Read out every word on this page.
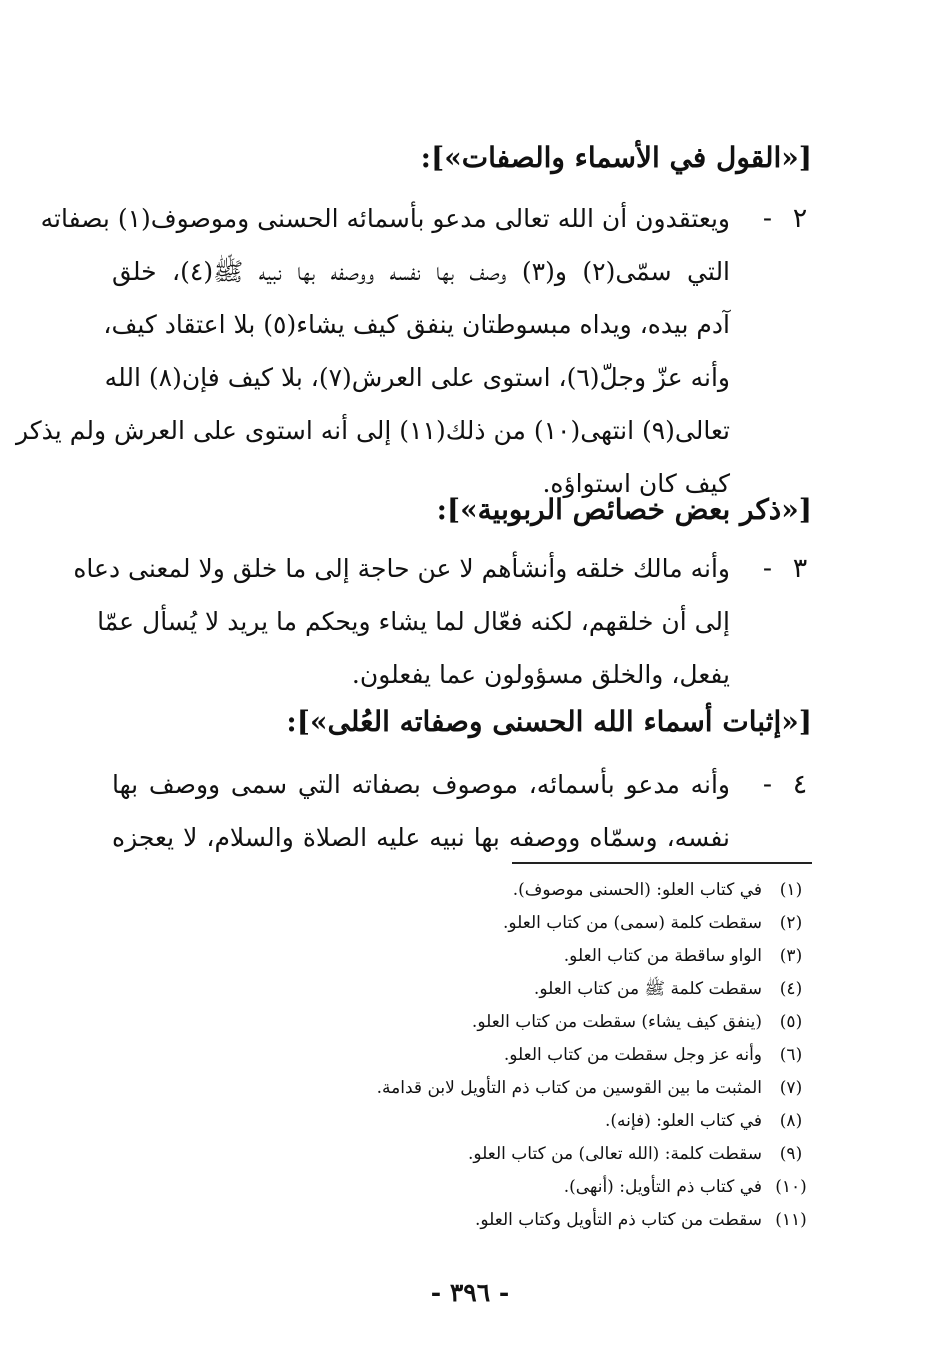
[«القول في الأسماء والصفات»]:
٢
-
ويعتقدون أن الله تعالى مدعو بأسمائه الحسنى وموصوف(١) بصفاته
التي سمّى(٢) و(٣) وصف بها نفسه ووصفه بها نبيه ﷺ(٤)، خلق
آدم بيده، ويداه مبسوطتان ينفق كيف يشاء(٥) بلا اعتقاد كيف،
وأنه عزّ وجلّ(٦)، استوى على العرش(٧)، بلا كيف فإن(٨) الله
تعالى(٩) انتهى(١٠) من ذلك(١١) إلى أنه استوى على العرش ولم يذكر
كيف كان استواؤه.
[«ذكر بعض خصائص الربوبية»]:
٣
-
وأنه مالك خلقه وأنشأهم لا عن حاجة إلى ما خلق ولا لمعنى دعاه
إلى أن خلقهم، لكنه فعّال لما يشاء ويحكم ما يريد لا يُسأل عمّا
يفعل، والخلق مسؤولون عما يفعلون.
[«إثبات أسماء الله الحسنى وصفاته العُلى»]:
٤
-
وأنه مدعو بأسمائه، موصوف بصفاته التي سمى ووصف بها
نفسه، وسمّاه ووصفه بها نبيه عليه الصلاة والسلام، لا يعجزه
(١)في كتاب العلو: (الحسنى موصوف).
(٢)سقطت كلمة (سمى) من كتاب العلو.
(٣)الواو ساقطة من كتاب العلو.
(٤)سقطت كلمة ﷺ من كتاب العلو.
(٥)(ينفق كيف يشاء) سقطت من كتاب العلو.
(٦)وأنه عز وجل سقطت من كتاب العلو.
(٧)المثبت ما بين القوسين من كتاب ذم التأويل لابن قدامة.
(٨)في كتاب العلو: (فإنه).
(٩)سقطت كلمة: (الله تعالى) من كتاب العلو.
(١٠)في كتاب ذم التأويل: (أنهى).
(١١)سقطت من كتاب ذم التأويل وكتاب العلو.
- ٣٩٦ -
